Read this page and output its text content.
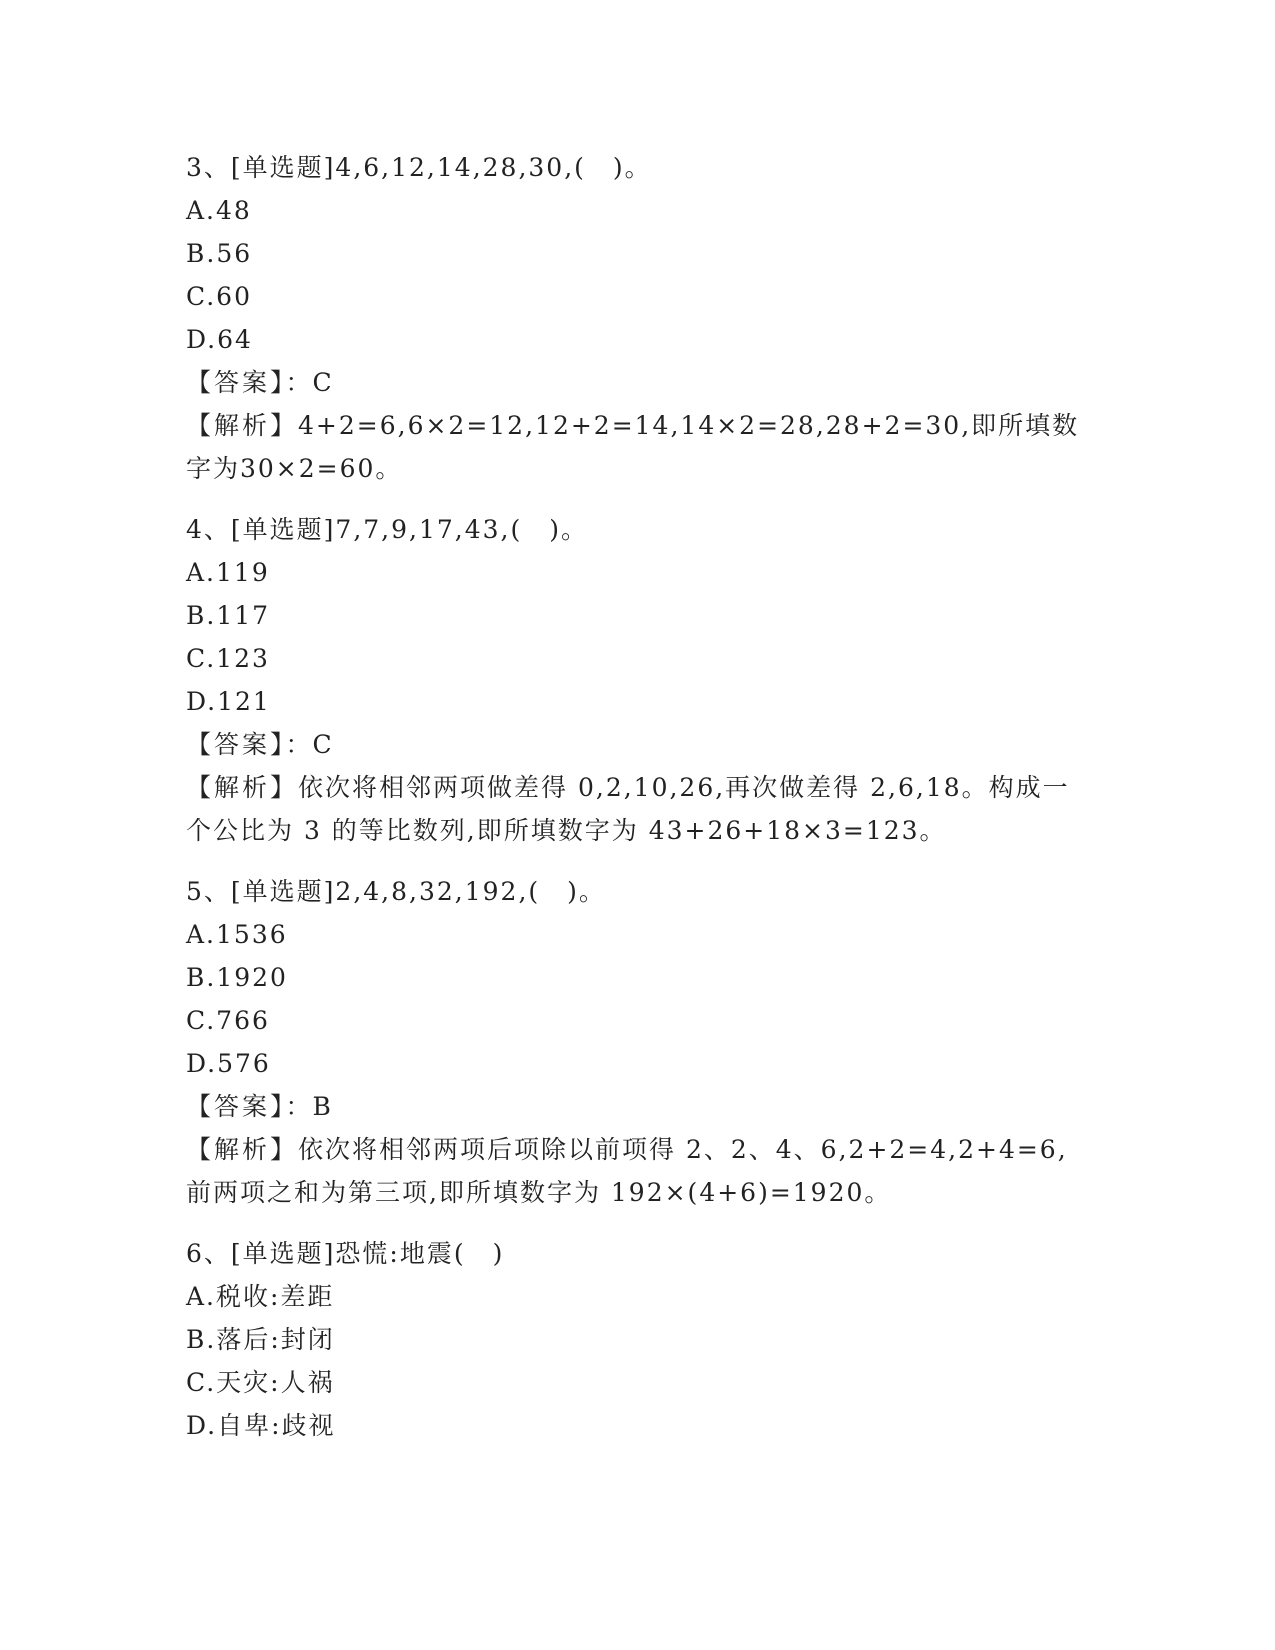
3、[单选题]4,6,12,14,28,30,(　)。
A.48
B.56
C.60
D.64
【答案】：C
【解析】4+2=6,6×2=12,12+2=14,14×2=28,28+2=30,即所填数字为30×2=60。
4、[单选题]7,7,9,17,43,(　)。
A.119
B.117
C.123
D.121
【答案】：C
【解析】依次将相邻两项做差得 0,2,10,26,再次做差得 2,6,18。构成一个公比为 3 的等比数列,即所填数字为 43+26+18×3=123。
5、[单选题]2,4,8,32,192,(　)。
A.1536
B.1920
C.766
D.576
【答案】：B
【解析】依次将相邻两项后项除以前项得 2、2、4、6,2+2=4,2+4=6,前两项之和为第三项,即所填数字为 192×(4+6)=1920。
6、[单选题]恐慌:地震(　)
A.税收:差距
B.落后:封闭
C.天灾:人祸
D.自卑:歧视
